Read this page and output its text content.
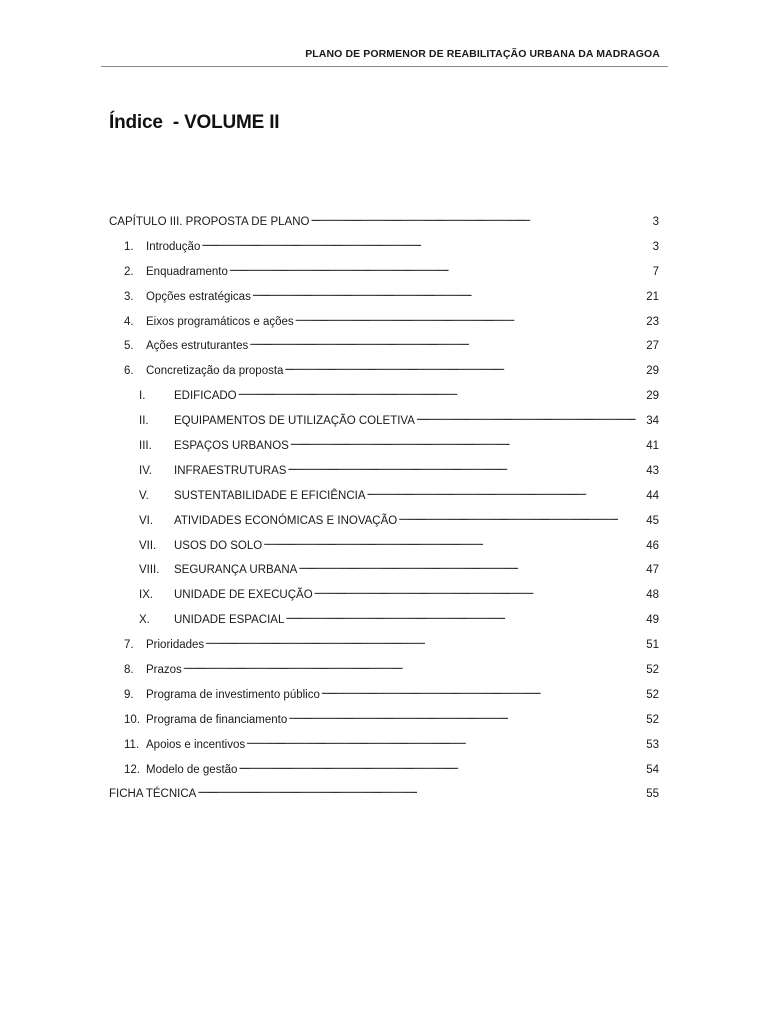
PLANO DE PORMENOR DE REABILITAÇÃO URBANA DA MADRAGOA
Índice  - VOLUME II
CAPÍTULO III. PROPOSTA DE PLANO . . .	3
1.	Introdução . . .	3
2.	Enquadramento . . .	7
3.	Opções estratégicas . . .	21
4.	Eixos programáticos e ações . . .	23
5.	Ações estruturantes . . .	27
6.	Concretização da proposta . . .	29
I.	EDIFICADO . . .	29
II.	EQUIPAMENTOS DE UTILIZAÇÃO COLETIVA . . .	34
III.	ESPAÇOS URBANOS . . .	41
IV.	INFRAESTRUTURAS . . .	43
V.	SUSTENTABILIDADE E EFICIÊNCIA . . .	44
VI.	ATIVIDADES ECONÓMICAS E INOVAÇÃO . . .	45
VII.	USOS DO SOLO . . .	46
VIII.	SEGURANÇA URBANA . . .	47
IX.	UNIDADE DE EXECUÇÃO . . .	48
X.	UNIDADE ESPACIAL . . .	49
7.	Prioridades . . .	51
8.	Prazos . . .	52
9.	Programa de investimento público . . .	52
10. Programa de financiamento . . .	52
11. Apoios e incentivos . . .	53
12. Modelo de gestão . . .	54
FICHA TÉCNICA . . .	55
